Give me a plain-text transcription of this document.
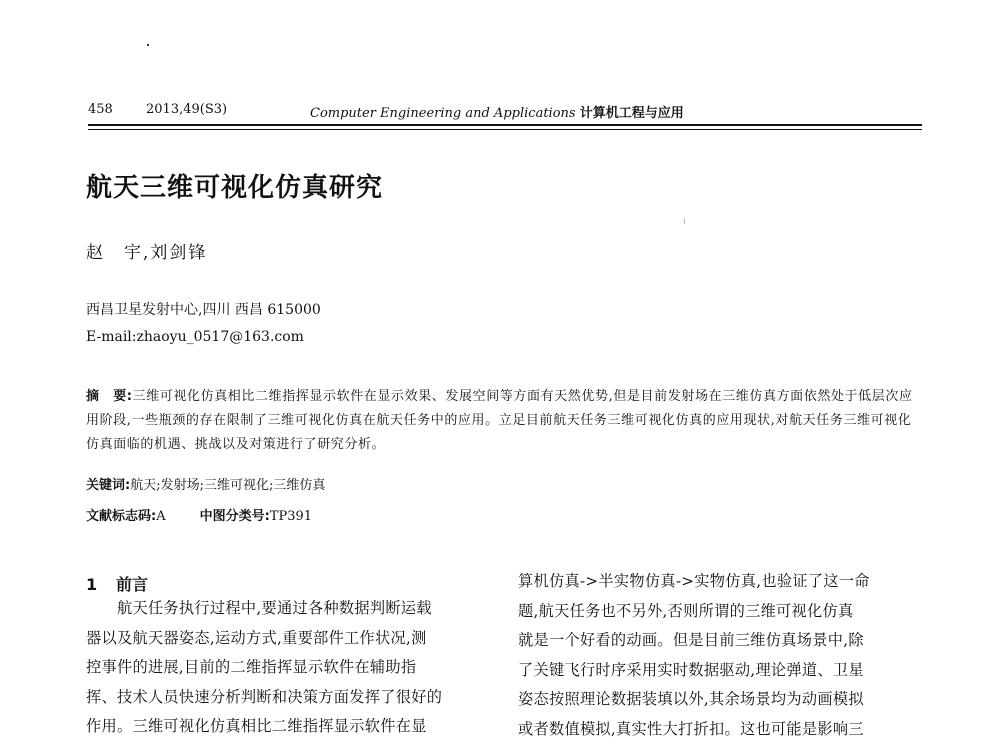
458	2013,49(S3)	Computer Engineering and Applications 计算机工程与应用
航天三维可视化仿真研究
赵　宇,刘剑锋
西昌卫星发射中心,四川 西昌 615000
E-mail:zhaoyu_0517@163.com
摘　要:三维可视化仿真相比二维指挥显示软件在显示效果、发展空间等方面有天然优势,但是目前发射场在三维仿真方面依然处于低层次应用阶段,一些瓶颈的存在限制了三维可视化仿真在航天任务中的应用。立足目前航天任务三维可视化仿真的应用现状,对航天任务三维可视化仿真面临的机遇、挑战以及对策进行了研究分析。
关键词:航天;发射场;三维可视化;三维仿真
文献标志码:A	中图分类号:TP391
1 前言
　　航天任务执行过程中,要通过各种数据判断运载
器以及航天器姿态,运动方式,重要部件工作状况,测
控事件的进展,目前的二维指挥显示软件在辅助指
挥、技术人员快速分析判断和决策方面发挥了很好的
作用。三维可视化仿真相比二维指挥显示软件在显
算机仿真->半实物仿真->实物仿真,也验证了这一命
题,航天任务也不另外,否则所谓的三维可视化仿真
就是一个好看的动画。但是目前三维仿真场景中,除
了关键飞行时序采用实时数据驱动,理论弹道、卫星
姿态按照理论数据装填以外,其余场景均为动画模拟
或者数值模拟,真实性大打折扣。这也可能是影响三
